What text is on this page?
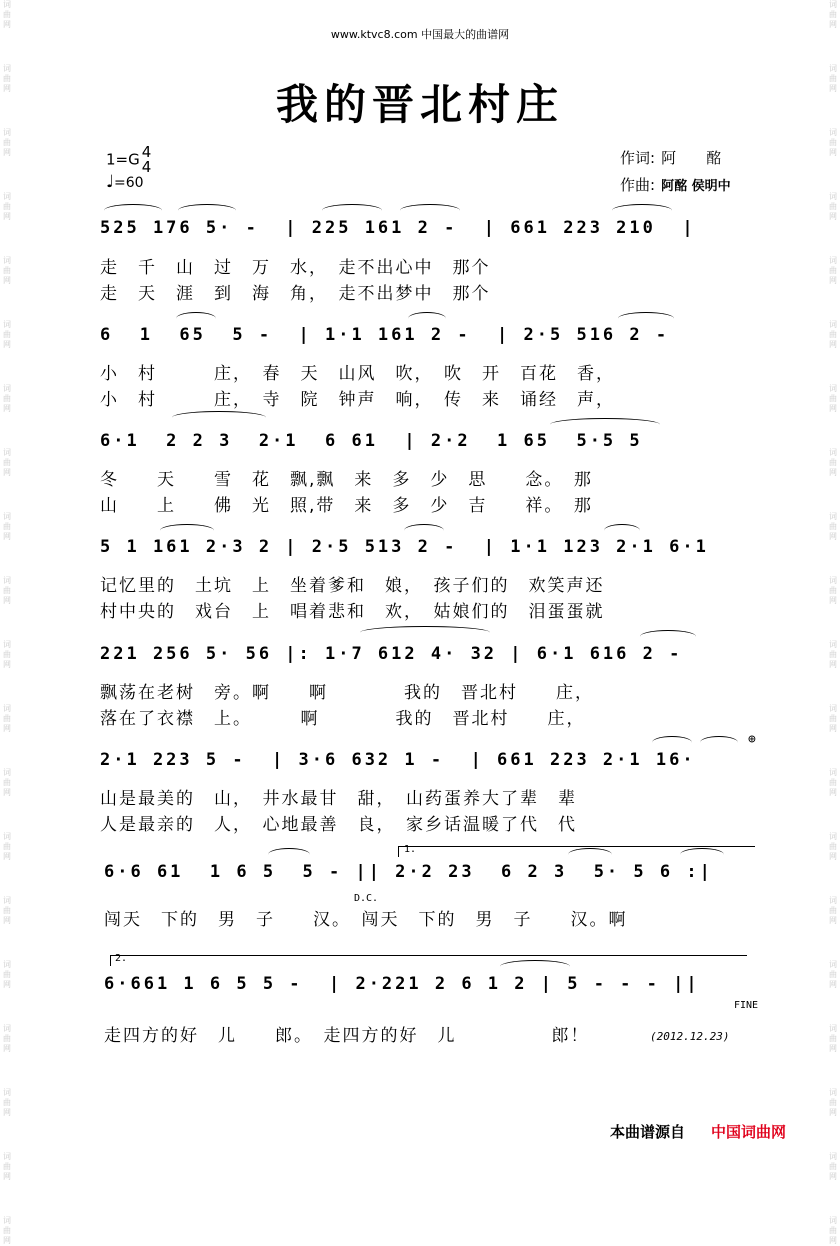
词
曲
网
词
曲
网
词
曲
网
词
曲
网
词
曲
网
词
曲
网
词
曲
网
词
曲
网
词
曲
网
词
曲
网
词
曲
网
词
曲
网
词
曲
网
词
曲
网
词
曲
网
词
曲
网
词
曲
网
词
曲
网
词
曲
网
词
曲
网
词
曲
网
词
曲
网
词
曲
网
词
曲
网
词
曲
网
词
曲
网
词
曲
网
词
曲
网
词
曲
网
词
曲
网
词
曲
网
词
曲
网
词
曲
网
词
曲
网
词
曲
网
词
曲
网
词
曲
网
词
曲
网
词
曲
网
词
曲
网
www.ktvc8.com 中国最大的曲谱网
我的晋北村庄
1=G 4
4
♩=60
作词: 阿　　酩
作曲: 阿酩 侯明中
525 176 5· -  | 225 161 2 -  | 661 223 210  |
走　千　山　过　万　水，　走不出心中　那个
走　天　涯　到　海　角，　走不出梦中　那个
6  1  65  5 -  | 1·1 161 2 -  | 2·5 516 2 -
小　村　　　庄，　春　天　山风　吹，　吹　开　百花　香，
小　村　　　庄，　寺　院　钟声　响，　传　来　诵经　声，
6·1  2 2 3  2·1  6 61  | 2·2  1 65  5·5 5
冬　　天　　雪　花　飘,飘　来　多　少　思　　念。　那
山　　上　　佛　光　照,带　来　多　少　吉　　祥。　那
5 1 161 2·3 2 | 2·5 513 2 -  | 1·1 123 2·1 6·1
记忆里的　土坑　上　坐着爹和　娘，　孩子们的　欢笑声还
村中央的　戏台　上　唱着悲和　欢，　姑娘们的　泪蛋蛋就
221 256 5· 56 |: 1·7 612 4· 32 | 6·1 616 2 -
飘荡在老树　旁。啊　　啊　　　　我的　晋北村　　庄，
落在了衣襟　上。　　　啊　　　　我的　晋北村　　庄，
2·1 223 5 -  | 3·6 632 1 -  | 661 223 2·1 16·
⊕
山是最美的　山，　井水最甘　甜，　山药蛋养大了辈　辈
人是最亲的　人，　心地最善　良，　家乡话温暖了代　代
1.
6·6 61  1 6 5  5 - || 2·2 23  6 2 3  5· 5 6 :|
D.C.
闯天　下的　男　子　　汉。　闯天　下的　男　子　　汉。啊
2.
6·661 1 6 5 5 -  | 2·221 2 6 1 2 | 5 - - - ||
FINE
走四方的好　儿　　郎。　走四方的好　儿　　　　　郎！	(2012.12.23)
本曲谱源自 中国词曲网
